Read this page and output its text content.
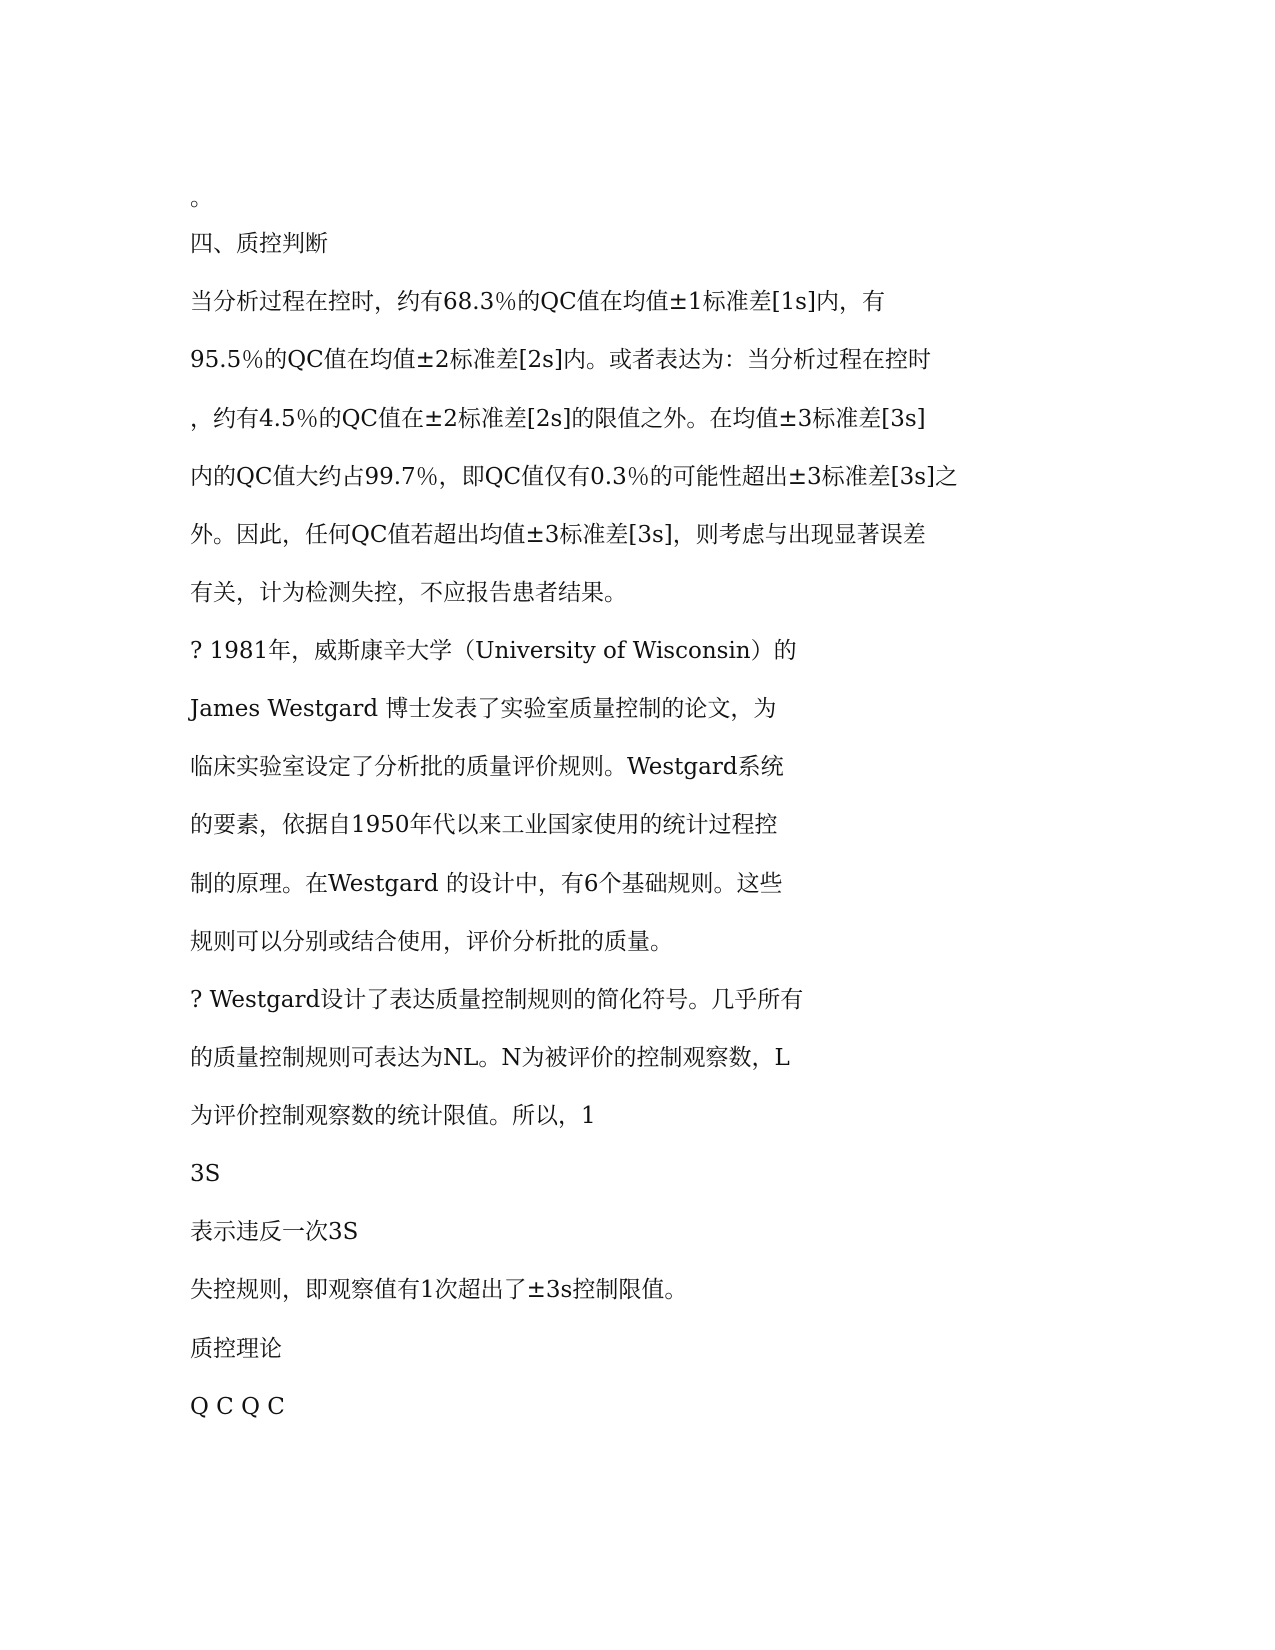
。

四、质控判断

当分析过程在控时，约有68.3％的QC值在均值±1标准差[1s]内，有

95.5％的QC值在均值±2标准差[2s]内。或者表达为：当分析过程在控时

，约有4.5％的QC值在±2标准差[2s]的限值之外。在均值±3标准差[3s]

内的QC值大约占99.7％，即QC值仅有0.3％的可能性超出±3标准差[3s]之

外。因此，任何QC值若超出均值±3标准差[3s]，则考虑与出现显著误差

有关，计为检测失控，不应报告患者结果。

? 1981年，威斯康辛大学（University of Wisconsin）的

James Westgard 博士发表了实验室质量控制的论文，为

临床实验室设定了分析批的质量评价规则。Westgard系统

的要素，依据自1950年代以来工业国家使用的统计过程控

制的原理。在Westgard 的设计中，有6个基础规则。这些

规则可以分别或结合使用，评价分析批的质量。

? Westgard设计了表达质量控制规则的简化符号。几乎所有

的质量控制规则可表达为NL。N为被评价的控制观察数，L

为评价控制观察数的统计限值。所以，1

3S

表示违反一次3S

失控规则，即观察值有1次超出了±3s控制限值。

质控理论

Q C Q C
